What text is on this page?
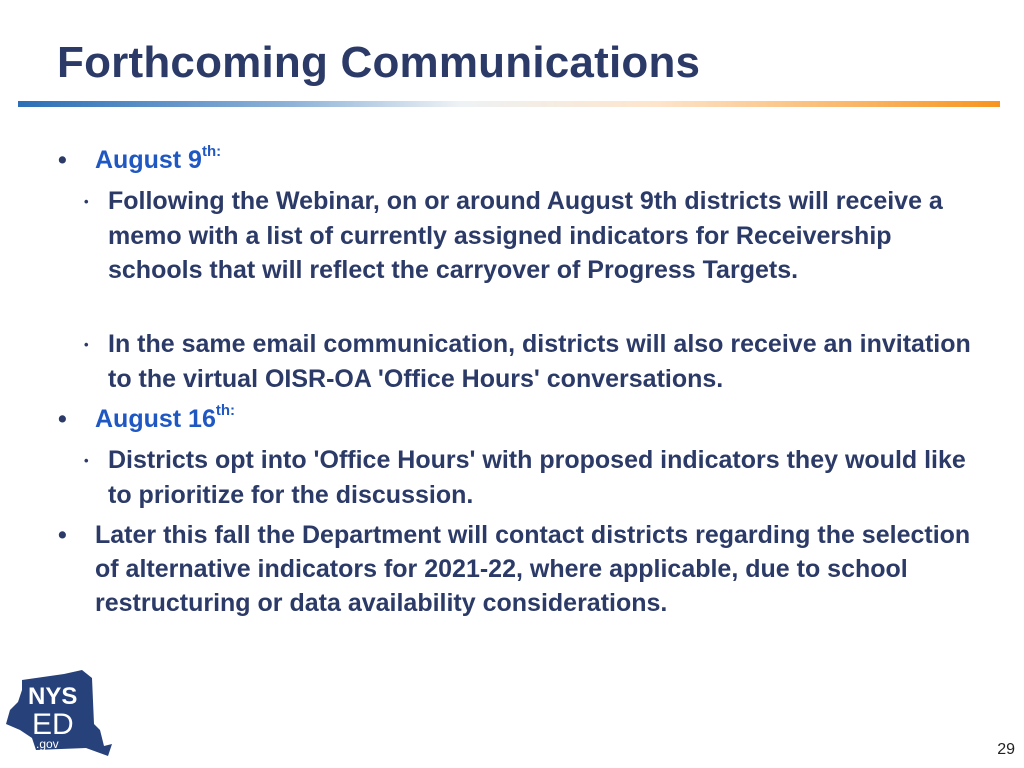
Forthcoming Communications
• August $9^{th:}$
• Following the Webinar, on or around August 9th districts will receive a memo with a list of currently assigned indicators for Receivership schools that will reflect the carryover of Progress Targets.
• In the same email communication, districts will also receive an invitation to the virtual OISR-OA 'Office Hours' conversations.
• August $16^{th:}$
• Districts opt into 'Office Hours' with proposed indicators they would like to prioritize for the discussion.
• Later this fall the Department will contact districts regarding the selection of alternative indicators for 2021-22, where applicable, due to school restructuring or data availability considerations.
NYS
ED
.gov	29
